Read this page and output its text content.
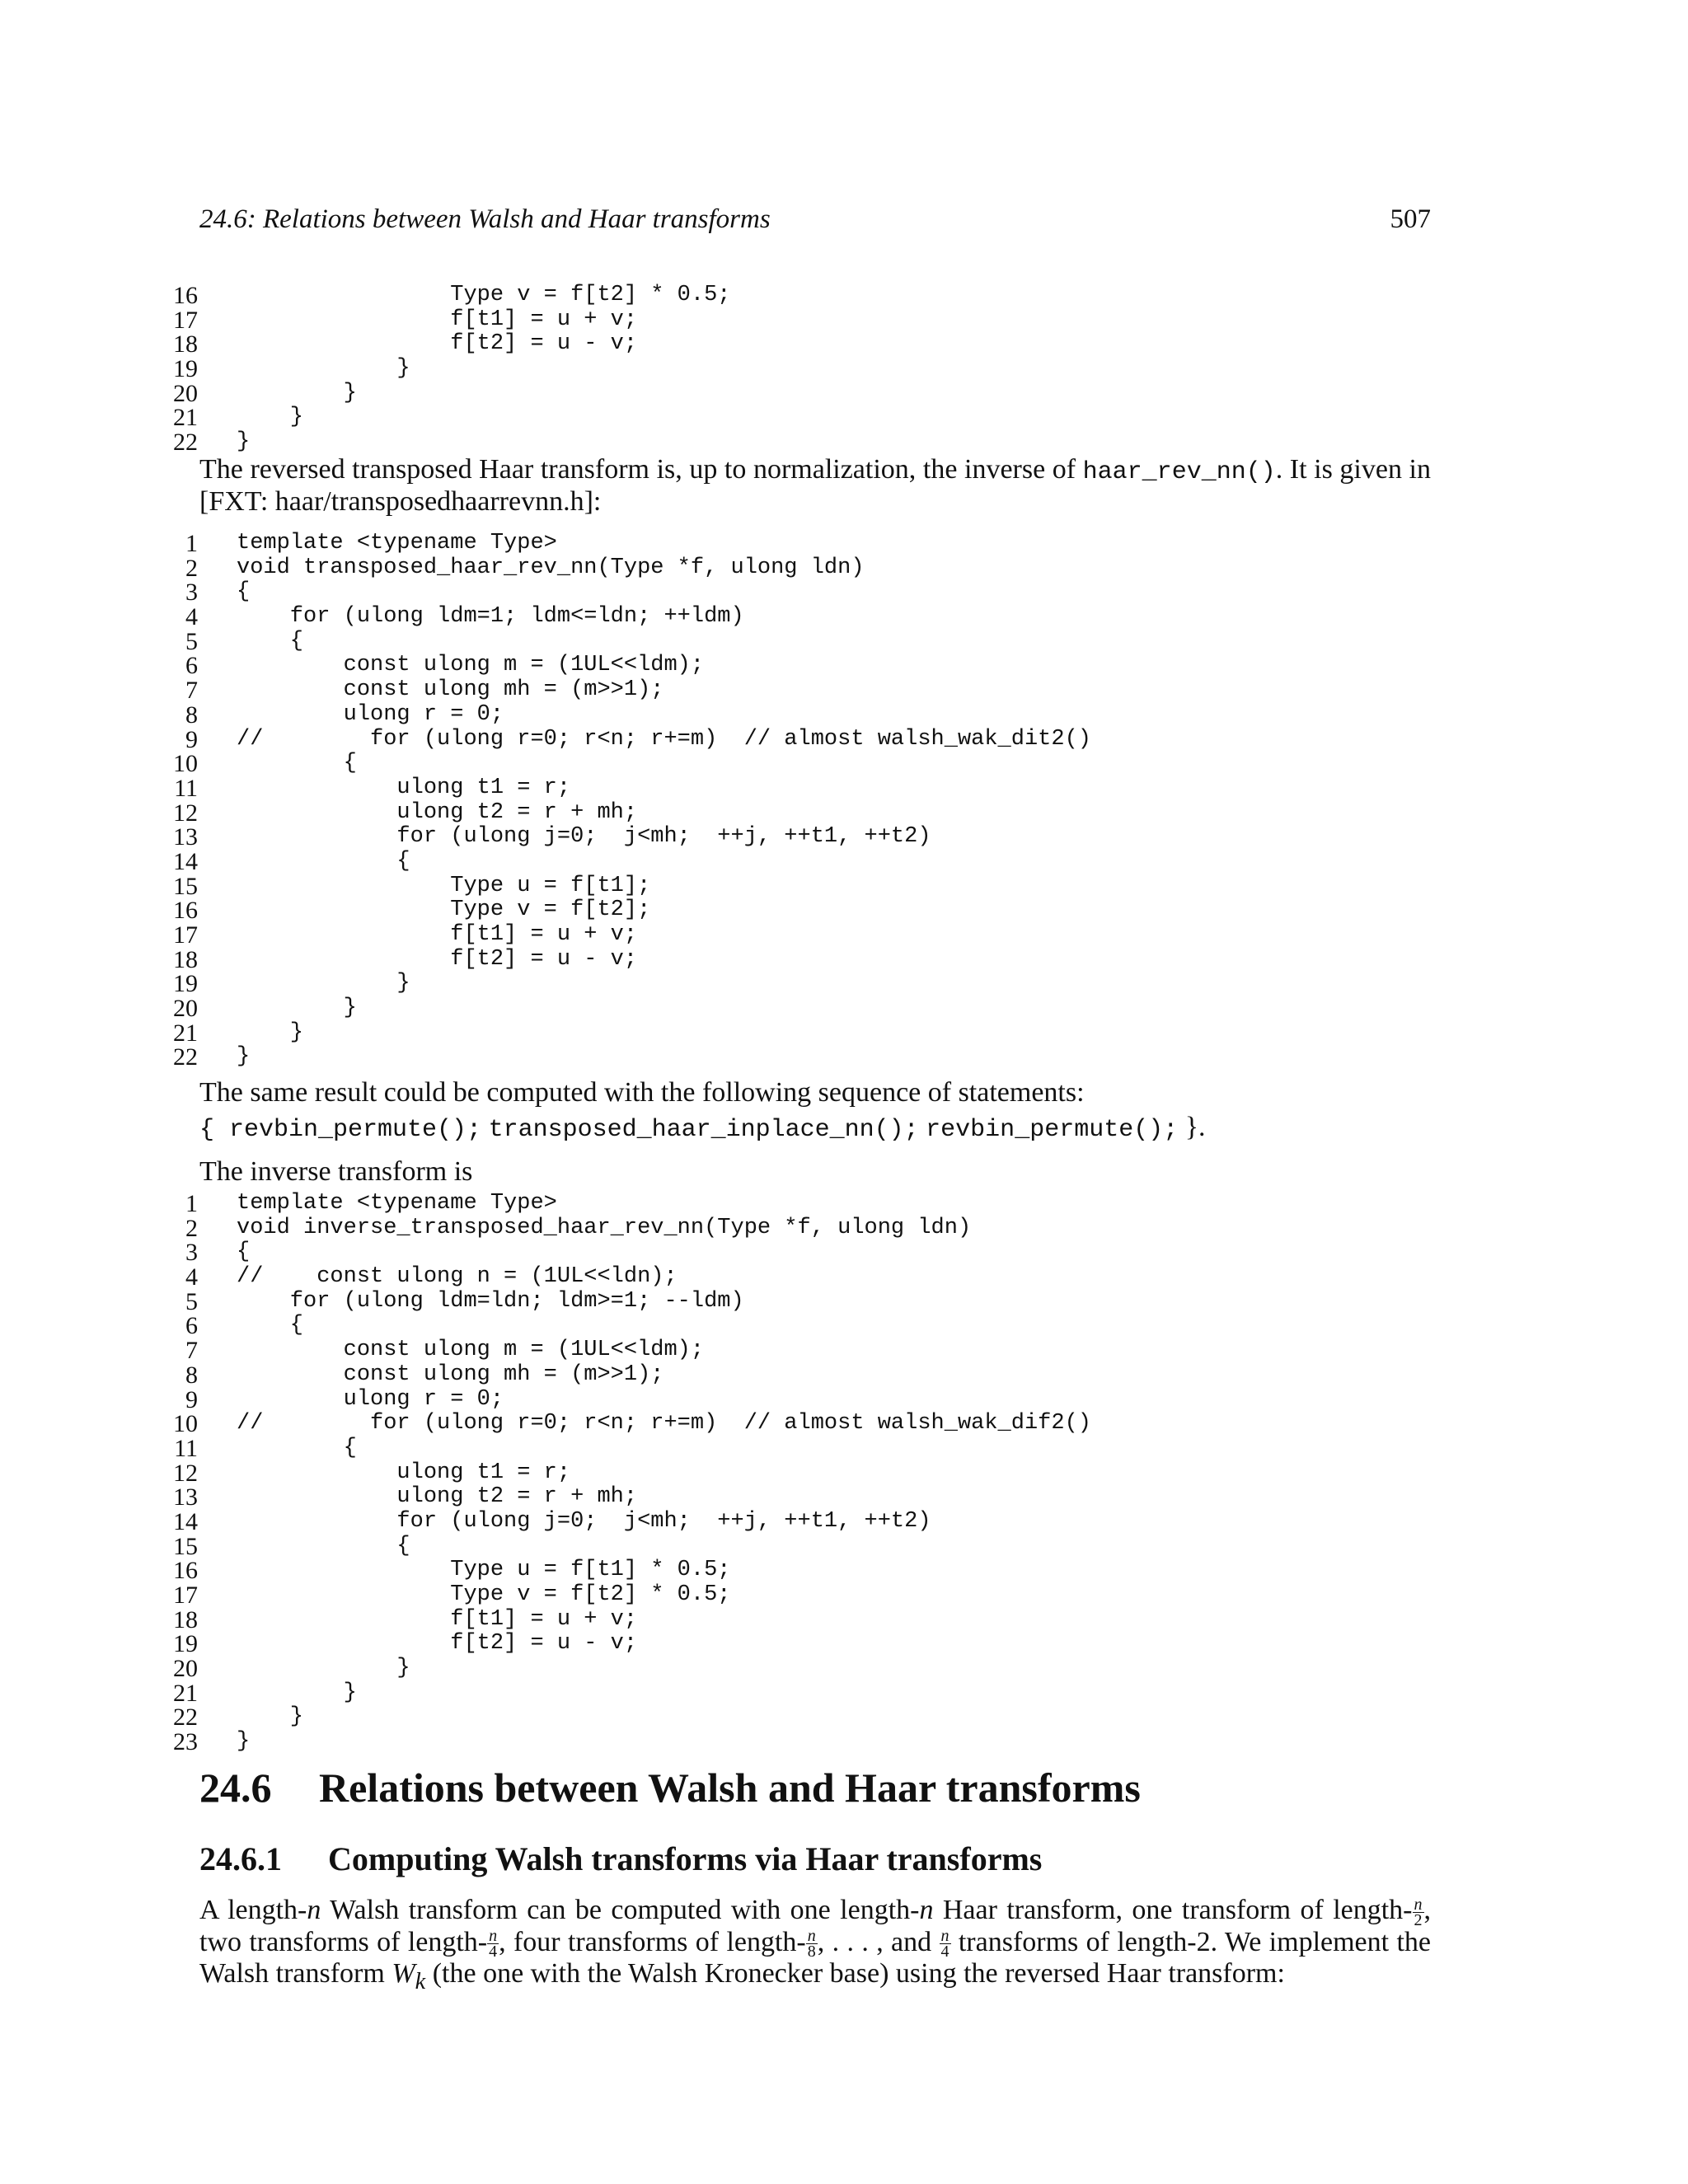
24.6: Relations between Walsh and Haar transforms	507
16 Type v = f[t2] * 0.5;
17 f[t1] = u + v;
18 f[t2] = u - v;
19 }
20 }
21 }
22 }
The reversed transposed Haar transform is, up to normalization, the inverse of haar_rev_nn(). It is given in [FXT: haar/transposedhaarrevnn.h]:
1 template <typename Type>
2 void transposed_haar_rev_nn(Type *f, ulong ldn)
3 {
4 for (ulong ldm=1; ldm<=ldn; ++ldm)
5 {
6 const ulong m = (1UL<<ldm);
7 const ulong mh = (m>>1);
8 ulong r = 0;
9 //        for (ulong r=0; r<n; r+=m)  // almost walsh_wak_dit2()
10 {
11 ulong t1 = r;
12 ulong t2 = r + mh;
13 for (ulong j=0;  j<mh;  ++j, ++t1, ++t2)
14 {
15 Type u = f[t1];
16 Type v = f[t2];
17 f[t1] = u + v;
18 f[t2] = u - v;
19 }
20 }
21 }
22 }
The same result could be computed with the following sequence of statements:
{ revbin_permute(); transposed_haar_inplace_nn(); revbin_permute(); }.
The inverse transform is
1 template <typename Type>
2 void inverse_transposed_haar_rev_nn(Type *f, ulong ldn)
3 {
4 //    const ulong n = (1UL<<ldn);
5 for (ulong ldm=ldn; ldm>=1; --ldm)
6 {
7 const ulong m = (1UL<<ldm);
8 const ulong mh = (m>>1);
9 ulong r = 0;
10 //        for (ulong r=0; r<n; r+=m)  // almost walsh_wak_dif2()
11 {
12 ulong t1 = r;
13 ulong t2 = r + mh;
14 for (ulong j=0;  j<mh;  ++j, ++t1, ++t2)
15 {
16 Type u = f[t1] * 0.5;
17 Type v = f[t2] * 0.5;
18 f[t1] = u + v;
19 f[t2] = u - v;
20 }
21 }
22 }
23 }
24.6 Relations between Walsh and Haar transforms
24.6.1 Computing Walsh transforms via Haar transforms
A length-n Walsh transform can be computed with one length-n Haar transform, one transform of length- $\frac{n}{2}$ , two transforms of length- $\frac{n}{4}$ , four transforms of length- $\frac{n}{8}$ , . . . , and $\frac{n}{4}$ transforms of length-2. We implement the Walsh transform $W_k$ (the one with the Walsh Kronecker base) using the reversed Haar transform:
